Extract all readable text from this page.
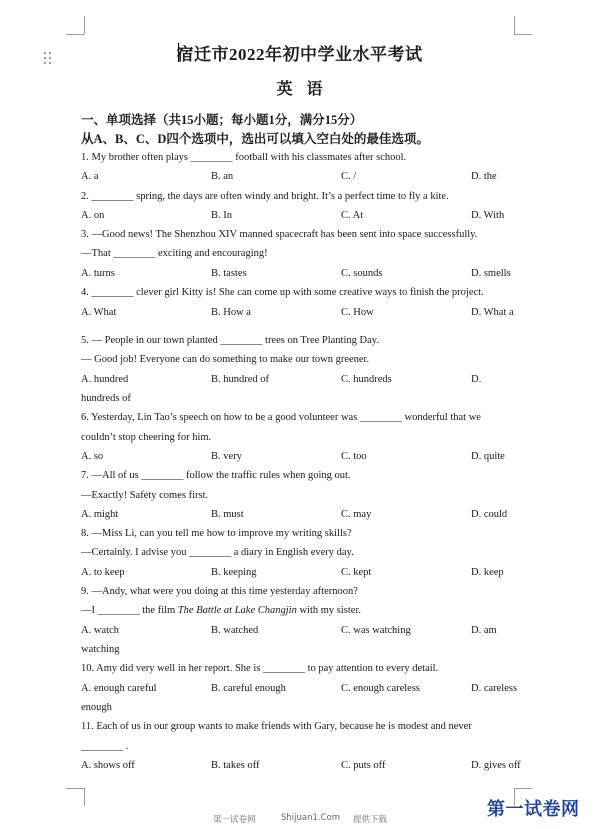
宿迁市2022年初中学业水平考试
英语
一、单项选择（共15小题；每小题1分，满分15分）
从A、B、C、D四个选项中，选出可以填入空白处的最佳选项。
1. My brother often plays ________ football with his classmates after school.
A. a	B. an	C. /	D. the
2. ________ spring, the days are often windy and bright. It’s a perfect time to fly a kite.
A. on	B. In	C. At	D. With
3. —Good news! The Shenzhou XIV manned spacecraft has been sent into space successfully.
—That ________ exciting and encouraging!
A. turns	B. tastes	C. sounds	D. smells
4. ________ clever girl Kitty is! She can come up with some creative ways to finish the project.
A. What	B. How a	C. How	D. What a
5. — People in our town planted ________ trees on Tree Planting Day.
— Good job! Everyone can do something to make our town greener.
A. hundred	B. hundred of	C. hundreds	D.
hundreds of
6. Yesterday, Lin Tao’s speech on how to be a good volunteer was ________ wonderful that we
couldn’t stop cheering for him.
A. so	B. very	C. too	D. quite
7. —All of us ________ follow the traffic rules when going out.
—Exactly! Safety comes first.
A. might	B. must	C. may	D. could
8. —Miss Li, can you tell me how to improve my writing skills?
—Certainly. I advise you ________ a diary in English every day.
A. to keep	B. keeping	C. kept	D. keep
9. —Andy, what were you doing at this time yesterday afternoon?
—I ________ the film The Battle at Lake Changjin with my sister.
A. watch	B. watched	C. was watching	D. am
watching
10. Amy did very well in her report. She is ________ to pay attention to every detail.
A. enough careful	B. careful enough	C. enough careless	D. careless
enough
11. Each of us in our group wants to make friends with Gary, because he is modest and never
________ .
A. shows off	B. takes off	C. puts off	D. gives off
第一试卷网	Shijuan1.Com 提供下载	第一试卷网
